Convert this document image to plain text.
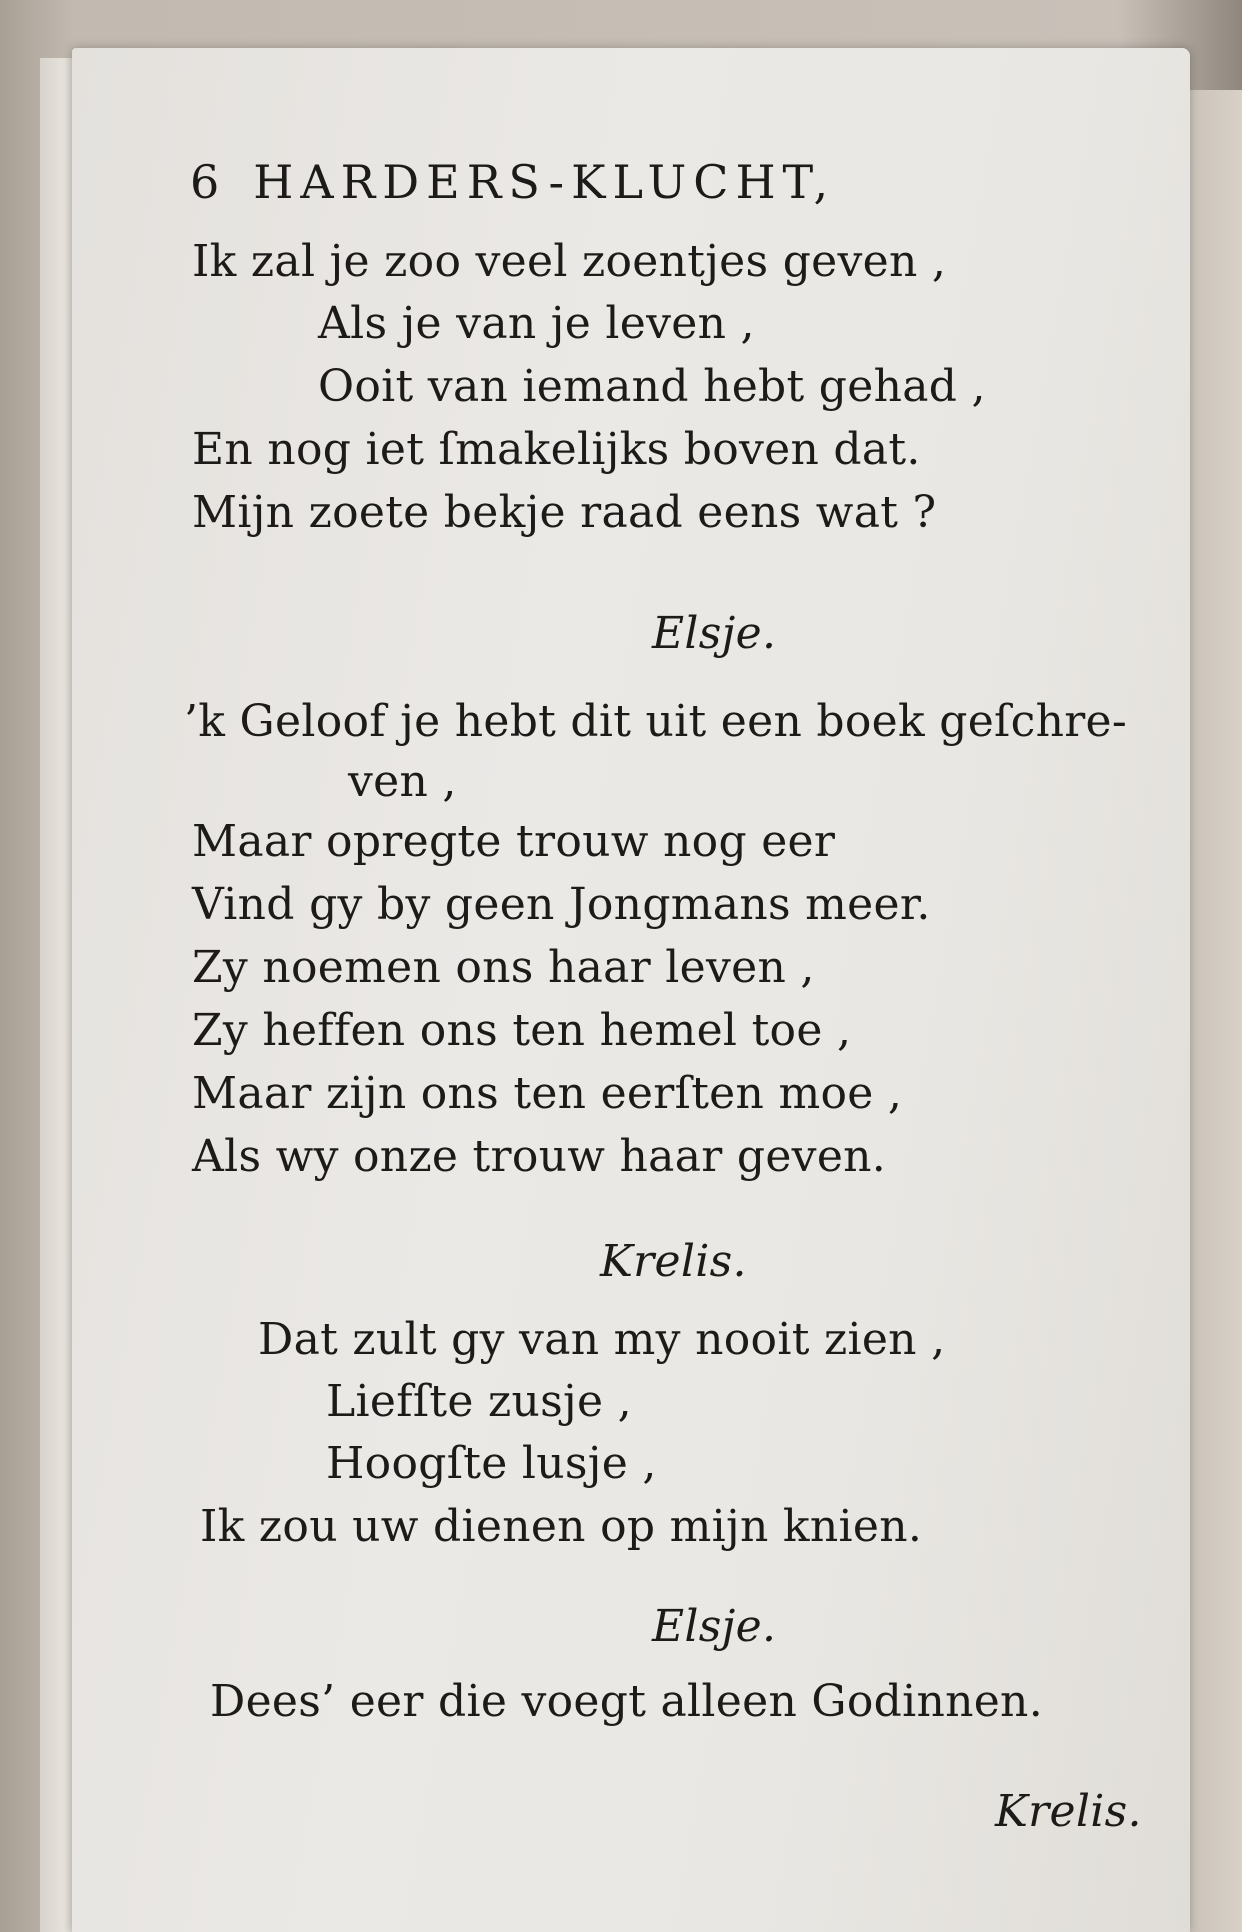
6 HARDERS-KLUCHT,
Ik zal je zoo veel zoentjes geven ,
Als je van je leven ,
Ooit van iemand hebt gehad ,
En nog iet ſmakelijks boven dat.
Mijn zoete bekje raad eens wat ?
Elsje.
’k Geloof je hebt dit uit een boek geſchre-
ven ,
Maar opregte trouw nog eer
Vind gy by geen Jongmans meer.
Zy noemen ons haar leven ,
Zy heffen ons ten hemel toe ,
Maar zijn ons ten eerſten moe ,
Als wy onze trouw haar geven.
Krelis.
Dat zult gy van my nooit zien ,
Liefſte zusje ,
Hoogſte lusje ,
Ik zou uw dienen op mijn knien.
Elsje.
Dees’ eer die voegt alleen Godinnen.
Krelis.
